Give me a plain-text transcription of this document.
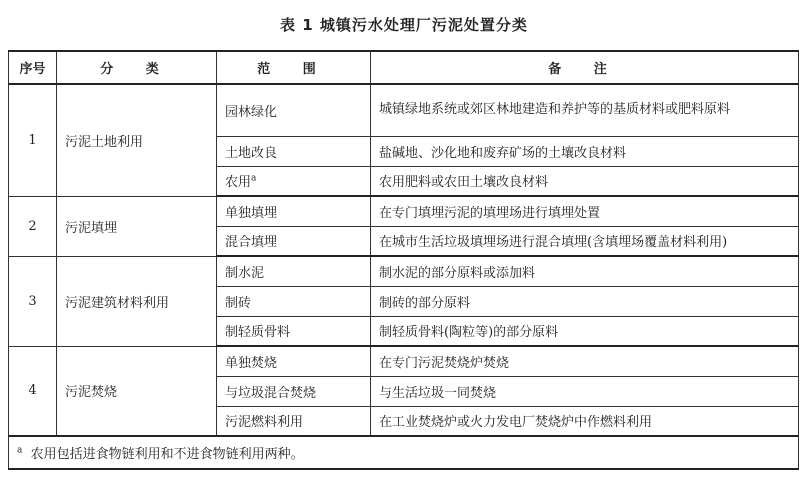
表 1 城镇污水处理厂污泥处置分类
序号	分 类	范 围	备 注
1	污泥土地利用	园林绿化	城镇绿地系统或郊区林地建造和养护等的基质材料或肥料原料
		土地改良	盐碱地、沙化地和废弃矿场的土壤改良材料
		农用$^a$	农用肥料或农田土壤改良材料
2	污泥填埋	单独填埋	在专门填埋污泥的填埋场进行填埋处置
		混合填埋	在城市生活垃圾填埋场进行混合填埋(含填埋场覆盖材料利用)
3	污泥建筑材料利用	制水泥	制水泥的部分原料或添加料
		制砖	制砖的部分原料
		制轻质骨料	制轻质骨料(陶粒等)的部分原料
4	污泥焚烧	单独焚烧	在专门污泥焚烧炉焚烧
		与垃圾混合焚烧	与生活垃圾一同焚烧
		污泥燃料利用	在工业焚烧炉或火力发电厂焚烧炉中作燃料利用
$^a$ 农用包括进食物链利用和不进食物链利用两种。			
